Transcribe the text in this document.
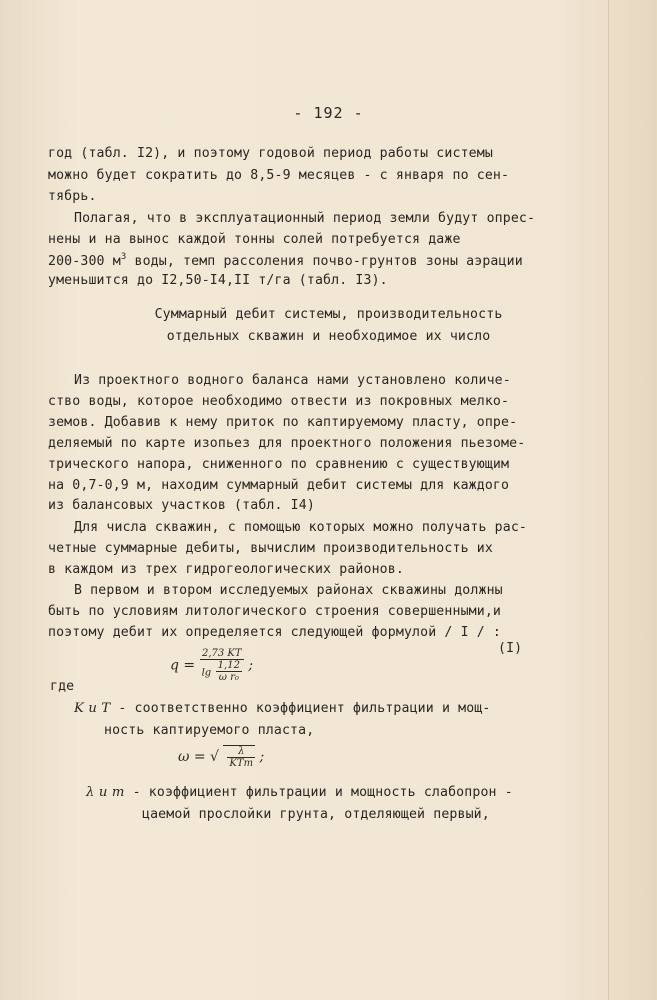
- 192 -
год (табл. I2), и поэтому годовой период работы системы
можно будет сократить до 8,5-9 месяцев - с января по сен-
тябрь.
Полагая, что в эксплуатационный период земли будут опрес-
нены и на вынос каждой тонны солей потребуется даже
200-300 $м^3$ воды, темп рассоления почво-грунтов зоны аэрации
уменьшится до I2,50-I4,II т/га (табл. I3).
Суммарный дебит системы, производительность
отдельных скважин и необходимое их число
Из проектного водного баланса нами установлено количе-
ство воды, которое необходимо отвести из покровных мелко-
земов. Добавив к нему приток по каптируемому пласту, опре-
деляемый по карте изопьез для проектного положения пьезоме-
трического напора, сниженного по сравнению с существующим
на 0,7-0,9 м, находим суммарный дебит системы для каждого
из балансовых участков (табл. I4)
Для числа скважин, с помощью которых можно получать рас-
четные суммарные дебиты, вычислим производительность их
в каждом из трех гидрогеологических районов.
В первом и втором исследуемых районах скважины должны
быть по условиям литологического строения совершенными,и
поэтому дебит их определяется следующей формулой / I / :
$q = \frac{2,73 KT}{\lg \frac{1,12}{\text{ω r₀}}}$ ;
(I)
где
K и T - соответственно коэффициент фильтрации и мощ-
ность каптируемого пласта,
ω = √ $\frac{\lambda}{\text{KTm}}$ ;
λ и m - коэффициент фильтрации и мощность слабопрон -
цаемой прослойки грунта, отделяющей первый,
